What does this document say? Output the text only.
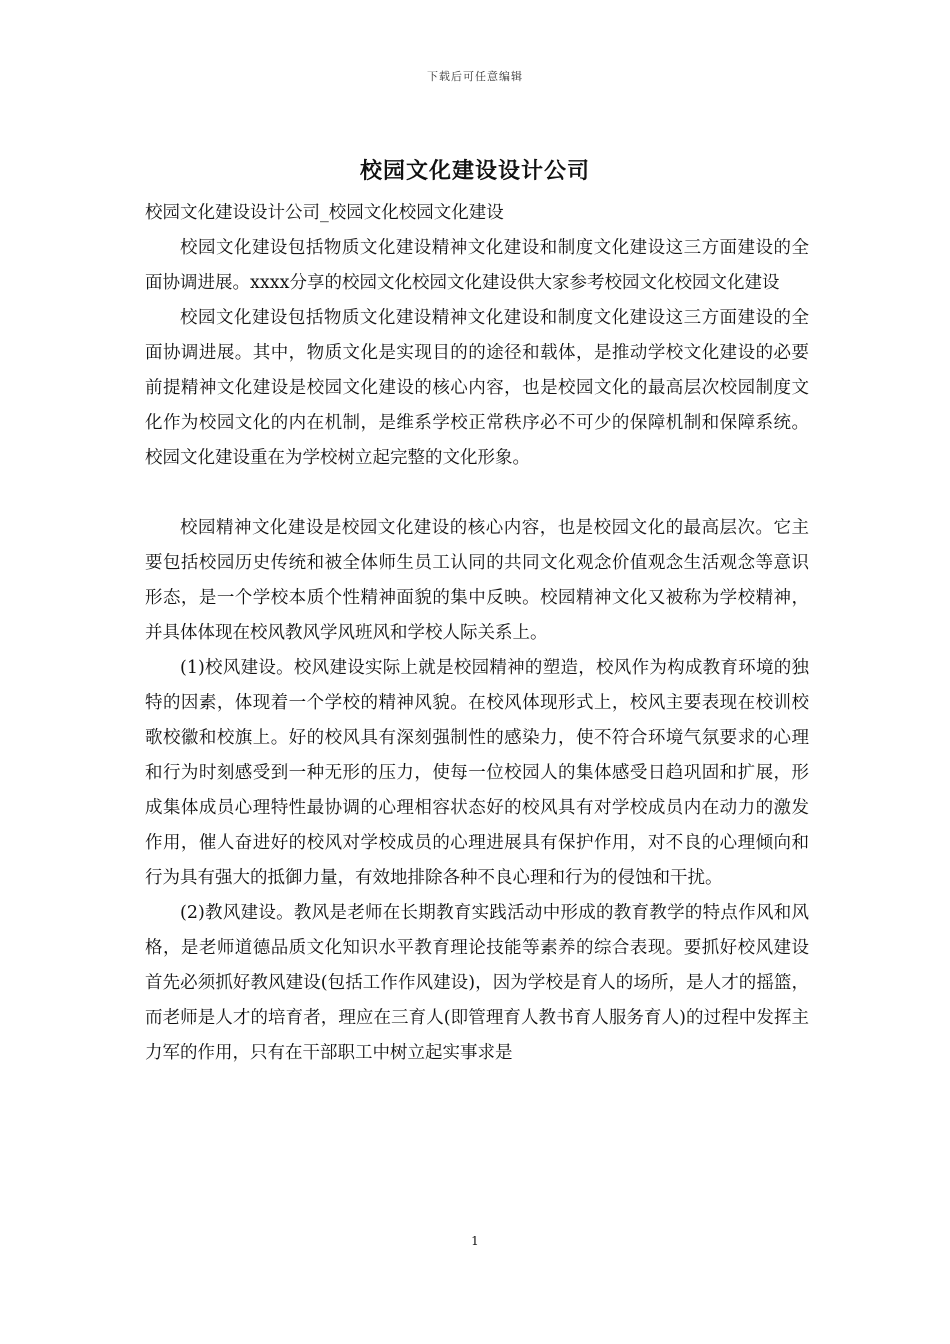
下载后可任意编辑
校园文化建设设计公司

校园文化建设设计公司_校园文化校园文化建设

校园文化建设包括物质文化建设精神文化建设和制度文化建设这三方面建设的全面协调进展。xxxx分享的校园文化校园文化建设供大家参考校园文化校园文化建设

校园文化建设包括物质文化建设精神文化建设和制度文化建设这三方面建设的全面协调进展。其中，物质文化是实现目的的途径和载体，是推动学校文化建设的必要前提精神文化建设是校园文化建设的核心内容，也是校园文化的最高层次校园制度文化作为校园文化的内在机制，是维系学校正常秩序必不可少的保障机制和保障系统。校园文化建设重在为学校树立起完整的文化形象。

校园精神文化建设是校园文化建设的核心内容，也是校园文化的最高层次。它主要包括校园历史传统和被全体师生员工认同的共同文化观念价值观念生活观念等意识形态，是一个学校本质个性精神面貌的集中反映。校园精神文化又被称为学校精神，并具体体现在校风教风学风班风和学校人际关系上。

(1)校风建设。校风建设实际上就是校园精神的塑造，校风作为构成教育环境的独特的因素，体现着一个学校的精神风貌。在校风体现形式上，校风主要表现在校训校歌校徽和校旗上。好的校风具有深刻强制性的感染力，使不符合环境气氛要求的心理和行为时刻感受到一种无形的压力，使每一位校园人的集体感受日趋巩固和扩展，形成集体成员心理特性最协调的心理相容状态好的校风具有对学校成员内在动力的激发作用，催人奋进好的校风对学校成员的心理进展具有保护作用，对不良的心理倾向和行为具有强大的抵御力量，有效地排除各种不良心理和行为的侵蚀和干扰。

(2)教风建设。教风是老师在长期教育实践活动中形成的教育教学的特点作风和风格，是老师道德品质文化知识水平教育理论技能等素养的综合表现。要抓好校风建设首先必须抓好教风建设(包括工作作风建设)，因为学校是育人的场所，是人才的摇篮，而老师是人才的培育者，理应在三育人(即管理育人教书育人服务育人)的过程中发挥主力军的作用，只有在干部职工中树立起实事求是

1
